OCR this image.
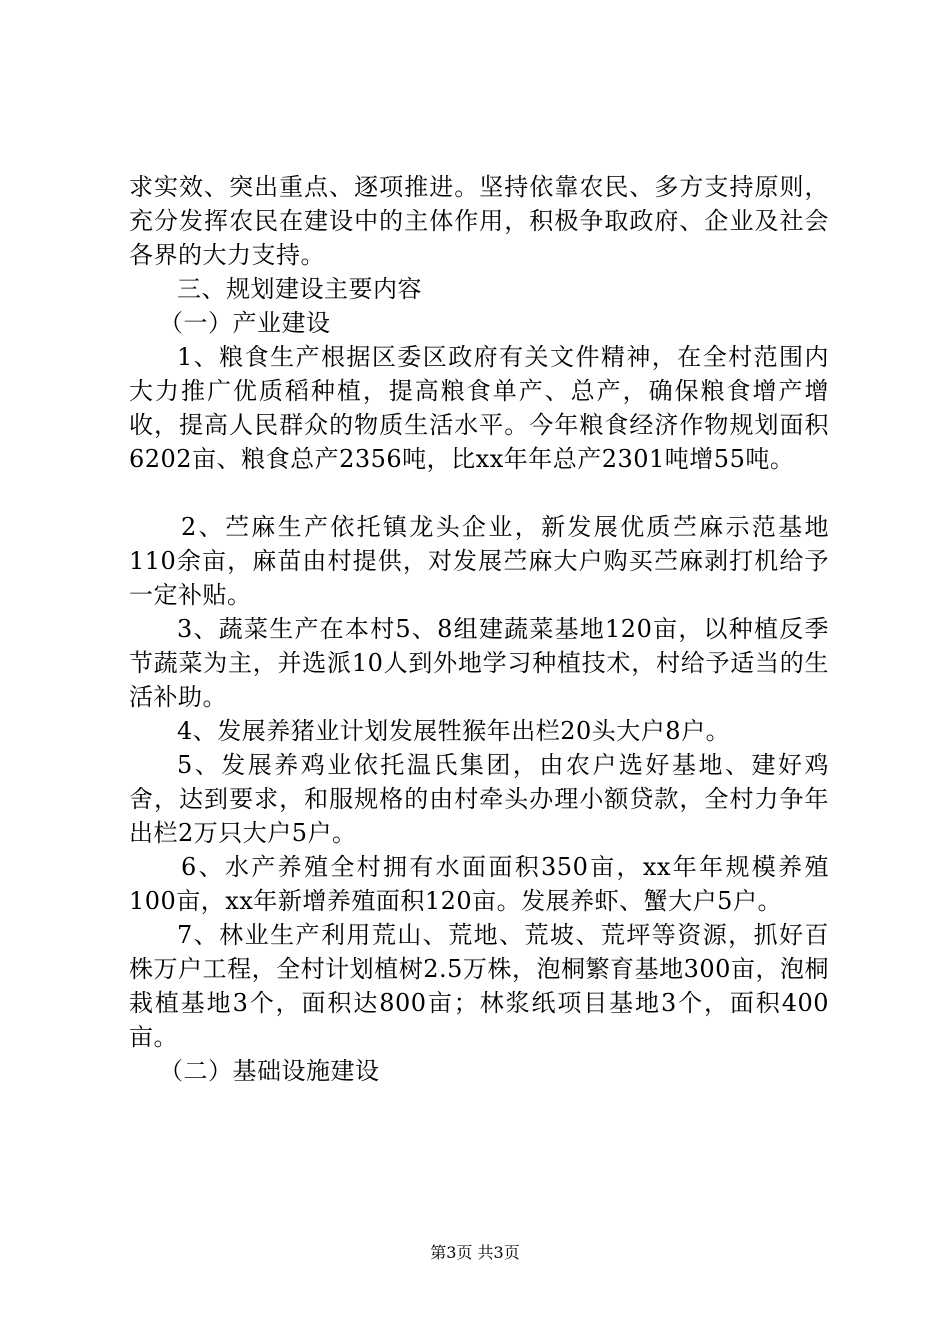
求实效、突出重点、逐项推进。坚持依靠农民、多方支持原则，充分发挥农民在建设中的主体作用，积极争取政府、企业及社会各界的大力支持。

三、规划建设主要内容

（一）产业建设

1、粮食生产根据区委区政府有关文件精神，在全村范围内大力推广优质稻种植，提高粮食单产、总产，确保粮食增产增收，提高人民群众的物质生活水平。今年粮食经济作物规划面积6202亩、粮食总产2356吨，比xx年年总产2301吨增55吨。

2、苎麻生产依托镇龙头企业，新发展优质苎麻示范基地110余亩，麻苗由村提供，对发展苎麻大户购买苎麻剥打机给予一定补贴。

3、蔬菜生产在本村5、8组建蔬菜基地120亩，以种植反季节蔬菜为主，并选派10人到外地学习种植技术，村给予适当的生活补助。

4、发展养猪业计划发展牲猴年出栏20头大户8户。

5、发展养鸡业依托温氏集团，由农户选好基地、建好鸡舍，达到要求，和服规格的由村牵头办理小额贷款，全村力争年出栏2万只大户5户。

6、水产养殖全村拥有水面面积350亩，xx年年规模养殖100亩，xx年新增养殖面积120亩。发展养虾、蟹大户5户。

7、林业生产利用荒山、荒地、荒坡、荒坪等资源，抓好百株万户工程，全村计划植树2.5万株，泡桐繁育基地300亩，泡桐栽植基地3个，面积达800亩；林浆纸项目基地3个，面积400亩。

（二）基础设施建设

第3页 共3页
